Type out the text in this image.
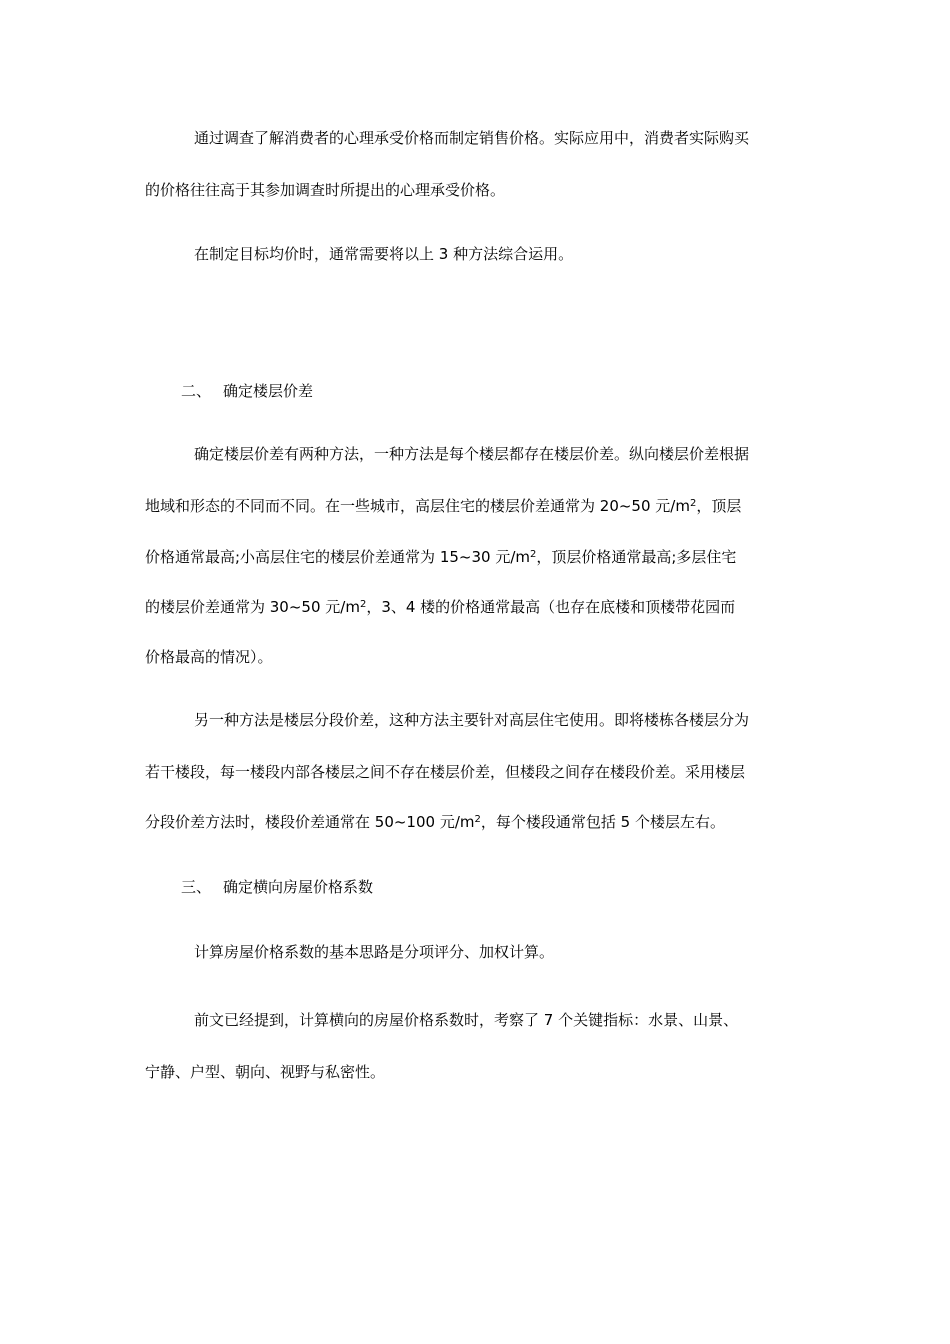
通过调查了解消费者的心理承受价格而制定销售价格。实际应用中，消费者实际购买
的价格往往高于其参加调查时所提出的心理承受价格。
在制定目标均价时，通常需要将以上 3 种方法综合运用。
二、 确定楼层价差
确定楼层价差有两种方法，一种方法是每个楼层都存在楼层价差。纵向楼层价差根据
地域和形态的不同而不同。在一些城市，高层住宅的楼层价差通常为 20~50 元$/m^2$，顶层
价格通常最高;小高层住宅的楼层价差通常为 15~30 元$/m^2$，顶层价格通常最高;多层住宅
的楼层价差通常为 30~50 元$/m^2$，3、4 楼的价格通常最高（也存在底楼和顶楼带花园而
价格最高的情况）。
另一种方法是楼层分段价差，这种方法主要针对高层住宅使用。即将楼栋各楼层分为
若干楼段，每一楼段内部各楼层之间不存在楼层价差，但楼段之间存在楼段价差。采用楼层
分段价差方法时，楼段价差通常在 50~100 元$/m^2$，每个楼段通常包括 5 个楼层左右。
三、 确定横向房屋价格系数
计算房屋价格系数的基本思路是分项评分、加权计算。
前文已经提到，计算横向的房屋价格系数时，考察了 7 个关键指标：水景、山景、
宁静、户型、朝向、视野与私密性。
